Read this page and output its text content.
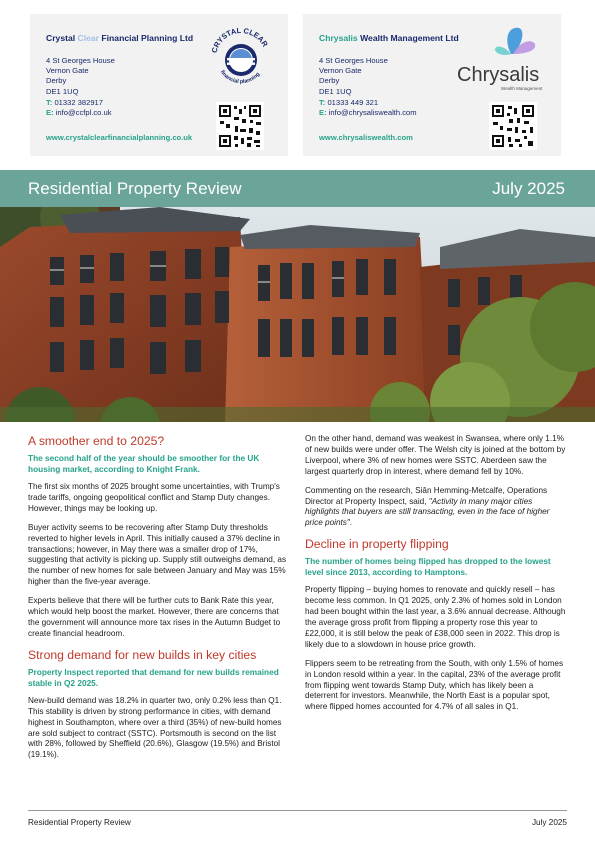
Crystal Clear Financial Planning Ltd
4 St Georges House
Vernon Gate
Derby
DE1 1UQ
T: 01332 382917
E: info@ccfpl.co.uk
www.crystalclearfinancialplanning.co.uk
CRYSTAL CLEAR
financial planning
Chrysalis Wealth Management Ltd
4 St Georges House
Vernon Gate
Derby
DE1 1UQ
T: 01333 449 321
E: info@chrysaliswealth.com
www.chrysaliswealth.com
Chrysalis
Wealth Management
Residential Property Review	July 2025
A smoother end to 2025?

The second half of the year should be smoother for the UK housing market, according to Knight Frank.

The first six months of 2025 brought some uncertainties, with Trump's trade tariffs, ongoing geopolitical conflict and Stamp Duty changes. However, things may be looking up.

Buyer activity seems to be recovering after Stamp Duty thresholds reverted to higher levels in April. This initially caused a 37% decline in transactions; however, in May there was a smaller drop of 17%, suggesting that activity is picking up. Supply still outweighs demand, as the number of new homes for sale between January and May was 15% higher than the five-year average.

Experts believe that there will be further cuts to Bank Rate this year, which would help boost the market. However, there are concerns that the government will announce more tax rises in the Autumn Budget to create financial headroom.

Strong demand for new builds in key cities

Property Inspect reported that demand for new builds remained stable in Q2 2025.

New-build demand was 18.2% in quarter two, only 0.2% less than Q1. This stability is driven by strong performance in cities, with demand highest in Southampton, where over a third (35%) of new-build homes are sold subject to contract (SSTC). Portsmouth is second on the list with 28%, followed by Sheffield (20.6%), Glasgow (19.5%) and Bristol (19.1%).

On the other hand, demand was weakest in Swansea, where only 1.1% of new builds were under offer. The Welsh city is joined at the bottom by Liverpool, where 3% of new homes were SSTC. Aberdeen saw the largest quarterly drop in interest, where demand fell by 10%.

Commenting on the research, Siân Hemming-Metcalfe, Operations Director at Property Inspect, said, "Activity in many major cities highlights that buyers are still transacting, even in the face of higher price points".

Decline in property flipping

The number of homes being flipped has dropped to the lowest level since 2013, according to Hamptons.

Property flipping – buying homes to renovate and quickly resell – has become less common. In Q1 2025, only 2.3% of homes sold in London had been bought within the last year, a 3.6% annual decrease. Although the average gross profit from flipping a property rose this year to £22,000, it is still below the peak of £38,000 seen in 2022. This drop is likely due to a slowdown in house price growth.

Flippers seem to be retreating from the South, with only 1.5% of homes in London resold within a year. In the capital, 23% of the average profit from flipping went towards Stamp Duty, which has likely been a deterrent for investors. Meanwhile, the North East is a popular spot, where flipped homes accounted for 4.7% of all sales in Q1.

Residential Property Review	July 2025
